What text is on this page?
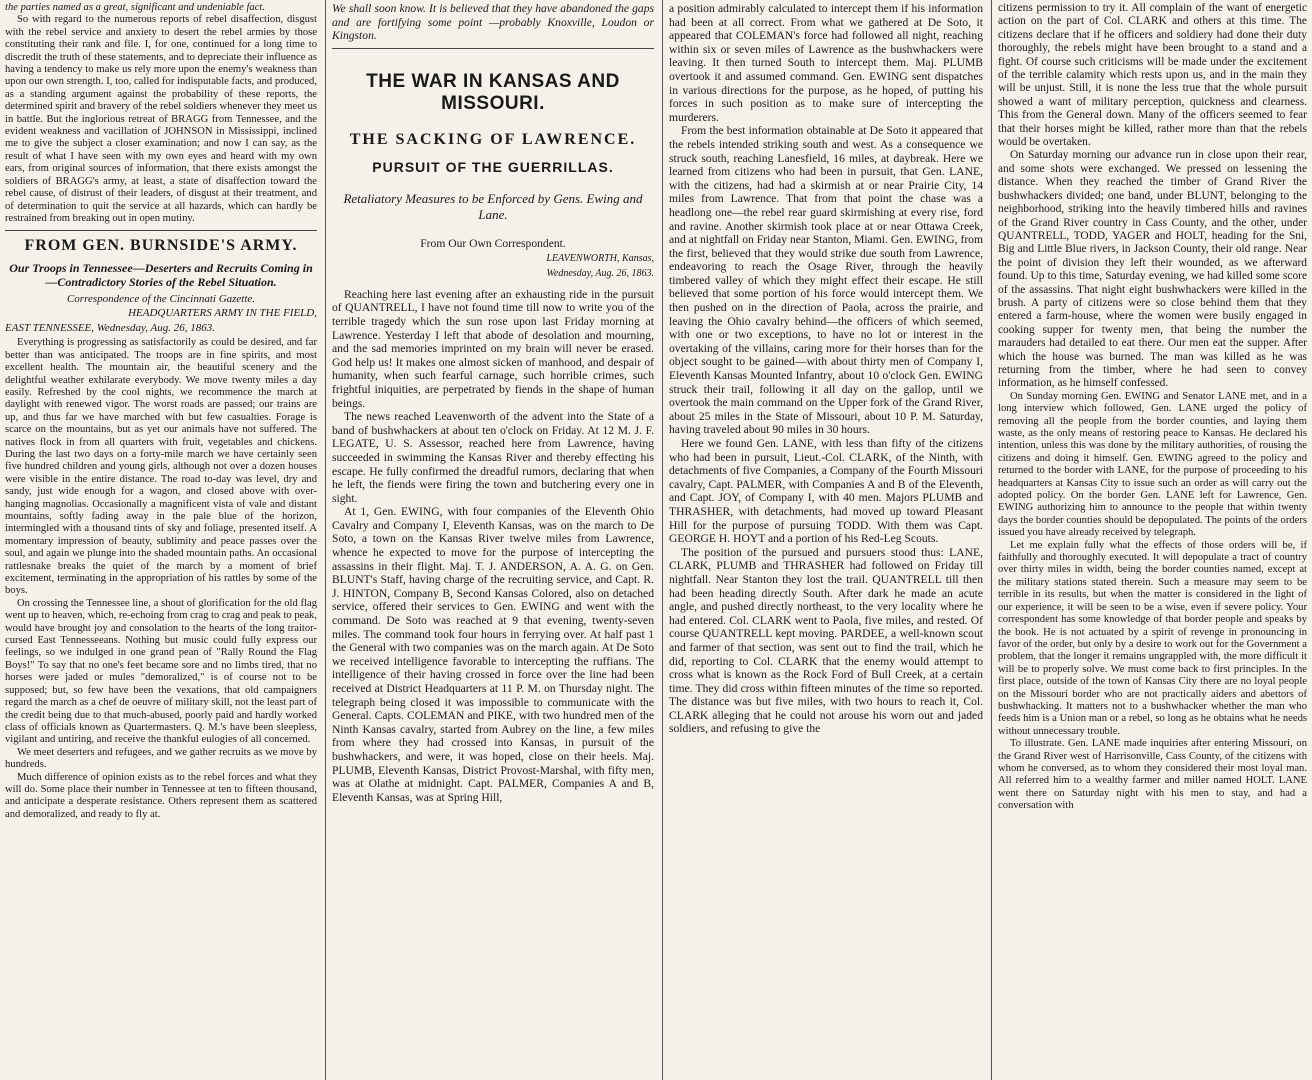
the parties named as a great, significant and undeniable fact.

So with regard to the numerous reports of rebel disaffection, disgust with the rebel service and anxiety to desert the rebel armies by those constituting their rank and file. I, for one, continued for a long time to discredit the truth of these statements, and to depreciate their influence as having a tendency to make us rely more upon the enemy's weakness than upon our own strength. I, too, called for indisputable facts, and produced, as a standing argument against the probability of these reports, the determined spirit and bravery of the rebel soldiers whenever they meet us in battle. But the inglorious retreat of BRAGG from Tennessee, and the evident weakness and vacillation of JOHNSON in Mississippi, inclined me to give the subject a closer examination; and now I can say, as the result of what I have seen with my own eyes and heard with my own ears, from original sources of information, that there exists amongst the soldiers of BRAGG's army, at least, a state of disaffection toward the rebel cause, of distrust of their leaders, of disgust at their treatment, and of determination to quit the service at all hazards, which can hardly be restrained from breaking out in open mutiny.

FROM GEN. BURNSIDE'S ARMY.
Our Troops in Tennessee—Deserters and Recruits Coming in—Contradictory Stories of the Rebel Situation.
Correspondence of the Cincinnati Gazette.
HEADQUARTERS ARMY IN THE FIELD,
EAST TENNESSEE, Wednesday, Aug. 26, 1863.

Everything is progressing as satisfactorily as could be desired, and far better than was anticipated. The troops are in fine spirits, and most excellent health. The mountain air, the beautiful scenery and the delightful weather exhilarate everybody. We move twenty miles a day easily. Refreshed by the cool nights, we recommence the march at daylight with renewed vigor. The worst roads are passed; our trains are up, and thus far we have marched with but few casualties. Forage is scarce on the mountains, but as yet our animals have not suffered. The natives flock in from all quarters with fruit, vegetables and chickens. During the last two days on a forty-mile march we have certainly seen five hundred children and young girls, although not over a dozen houses were visible in the entire distance. The road to-day was level, dry and sandy, just wide enough for a wagon, and closed above with over-hanging magnolias. Occasionally a magnificent vista of vale and distant mountains, softly fading away in the pale blue of the horizon, intermingled with a thousand tints of sky and foliage, presented itself. A momentary impression of beauty, sublimity and peace passes over the soul, and again we plunge into the shaded mountain paths. An occasional rattlesnake breaks the quiet of the march by a moment of brief excitement, terminating in the appropriation of his rattles by some of the boys.

On crossing the Tennessee line, a shout of glorification for the old flag went up to heaven, which, re-echoing from crag to crag and peak to peak, would have brought joy and consolation to the hearts of the long traitor-cursed East Tennesseeans. Nothing but music could fully express our feelings, so we indulged in one grand pean of "Rally Round the Flag Boys!" To say that no one's feet became sore and no limbs tired, that no horses were jaded or mules "demoralized," is of course not to be supposed; but, so few have been the vexations, that old campaigners regard the march as a chef de oeuvre of military skill, not the least part of the credit being due to that much-abused, poorly paid and hardly worked class of officials known as Quartermasters. Q. M.'s have been sleepless, vigilant and untiring, and receive the thankful eulogies of all concerned.

We meet deserters and refugees, and we gather recruits as we move by hundreds.

Much difference of opinion exists as to the rebel forces and what they will do. Some place their number in Tennessee at ten to fifteen thousand, and anticipate a desperate resistance. Others represent them as scattered and demoralized, and ready to fly at.

We shall soon know. It is believed that they have abandoned the gaps and are fortifying some point —probably Knoxville, Loudon or Kingston.

THE WAR IN KANSAS AND MISSOURI.
THE SACKING OF LAWRENCE.
PURSUIT OF THE GUERRILLAS.
Retaliatory Measures to be Enforced by Gens. Ewing and Lane.
From Our Own Correspondent.
LEAVENWORTH, Kansas,
Wednesday, Aug. 26, 1863.

Reaching here last evening after an exhausting ride in the pursuit of QUANTRELL, I have not found time till now to write you of the terrible tragedy which the sun rose upon last Friday morning at Lawrence. Yesterday I left that abode of desolation and mourning, and the sad memories imprinted on my brain will never be erased. God help us! It makes one almost sicken of manhood, and despair of humanity, when such fearful carnage, such horrible crimes, such frightful iniquities, are perpetrated by fiends in the shape of human beings.

The news reached Leavenworth of the advent into the State of a band of bushwhackers at about ten o'clock on Friday. At 12 M. J. F. LEGATE, U. S. Assessor, reached here from Lawrence, having succeeded in swimming the Kansas River and thereby effecting his escape. He fully confirmed the dreadful rumors, declaring that when he left, the fiends were firing the town and butchering every one in sight.

At 1, Gen. EWING, with four companies of the Eleventh Ohio Cavalry and Company I, Eleventh Kansas, was on the march to De Soto, a town on the Kansas River twelve miles from Lawrence, whence he expected to move for the purpose of intercepting the assassins in their flight. Maj. T. J. ANDERSON, A. A. G. on Gen. BLUNT's Staff, having charge of the recruiting service, and Capt. R. J. HINTON, Company B, Second Kansas Colored, also on detached service, offered their services to Gen. EWING and went with the command. De Soto was reached at 9 that evening, twenty-seven miles. The command took four hours in ferrying over. At half past 1 the General with two companies was on the march again. At De Soto we received intelligence favorable to intercepting the ruffians. The intelligence of their having crossed in force over the line had been received at District Headquarters at 11 P. M. on Thursday night. The telegraph being closed it was impossible to communicate with the General. Capts. COLEMAN and PIKE, with two hundred men of the Ninth Kansas cavalry, started from Aubrey on the line, a few miles from where they had crossed into Kansas, in pursuit of the bushwhackers, and were, it was hoped, close on their heels. Maj. PLUMB, Eleventh Kansas, District Provost-Marshal, with fifty men, was at Olathe at midnight. Capt. PALMER, Companies A and B, Eleventh Kansas, was at Spring Hill,

a position admirably calculated to intercept them if his information had been at all correct. From what we gathered at De Soto, it appeared that COLEMAN's force had followed all night, reaching within six or seven miles of Lawrence as the bushwhackers were leaving. It then turned South to intercept them. Maj. PLUMB overtook it and assumed command. Gen. EWING sent dispatches in various directions for the purpose, as he hoped, of putting his forces in such position as to make sure of intercepting the murderers.

From the best information obtainable at De Soto it appeared that the rebels intended striking south and west. As a consequence we struck south, reaching Lanesfield, 16 miles, at daybreak. Here we learned from citizens who had been in pursuit, that Gen. LANE, with the citizens, had had a skirmish at or near Prairie City, 14 miles from Lawrence. That from that point the chase was a headlong one—the rebel rear guard skirmishing at every rise, ford and ravine. Another skirmish took place at or near Ottawa Creek, and at nightfall on Friday near Stanton, Miami. Gen. EWING, from the first, believed that they would strike due south from Lawrence, endeavoring to reach the Osage River, through the heavily timbered valley of which they might effect their escape. He still believed that some portion of his force would intercept them. We then pushed on in the direction of Paola, across the prairie, and leaving the Ohio cavalry behind—the officers of which seemed, with one or two exceptions, to have no lot or interest in the overtaking of the villains, caring more for their horses than for the object sought to be gained—with about thirty men of Company I, Eleventh Kansas Mounted Infantry, about 10 o'clock Gen. EWING struck their trail, following it all day on the gallop, until we overtook the main command on the Upper fork of the Grand River, about 25 miles in the State of Missouri, about 10 P. M. Saturday, having traveled about 90 miles in 30 hours.

Here we found Gen. LANE, with less than fifty of the citizens who had been in pursuit, Lieut.-Col. CLARK, of the Ninth, with detachments of five Companies, a Company of the Fourth Missouri cavalry, Capt. PALMER, with Companies A and B of the Eleventh, and Capt. JOY, of Company I, with 40 men. Majors PLUMB and THRASHER, with detachments, had moved up toward Pleasant Hill for the purpose of pursuing TODD. With them was Capt. GEORGE H. HOYT and a portion of his Red-Leg Scouts.

The position of the pursued and pursuers stood thus: LANE, CLARK, PLUMB and THRASHER had followed on Friday till nightfall. Near Stanton they lost the trail. QUANTRELL till then had been heading directly South. After dark he made an acute angle, and pushed directly northeast, to the very locality where he had entered. Col. CLARK went to Paola, five miles, and rested. Of course QUANTRELL kept moving. PARDEE, a well-known scout and farmer of that section, was sent out to find the trail, which he did, reporting to Col. CLARK that the enemy would attempt to cross what is known as the Rock Ford of Bull Creek, at a certain time. They did cross within fifteen minutes of the time so reported. The distance was but five miles, with two hours to reach it, Col. CLARK alleging that he could not arouse his worn out and jaded soldiers, and refusing to give the

citizens permission to try it. All complain of the want of energetic action on the part of Col. CLARK and others at this time. The citizens declare that if he officers and soldiery had done their duty thoroughly, the rebels might have been brought to a stand and a fight. Of course such criticisms will be made under the excitement of the terrible calamity which rests upon us, and in the main they will be unjust. Still, it is none the less true that the whole pursuit showed a want of military perception, quickness and clearness. This from the General down. Many of the officers seemed to fear that their horses might be killed, rather more than that the rebels would be overtaken.

On Saturday morning our advance run in close upon their rear, and some shots were exchanged. We pressed on lessening the distance. When they reached the timber of Grand River the bushwhackers divided; one band, under BLUNT, belonging to the neighborhood, striking into the heavily timbered hills and ravines of the Grand River country in Cass County, and the other, under QUANTRELL, TODD, YAGER and HOLT, heading for the Sni, Big and Little Blue rivers, in Jackson County, their old range. Near the point of division they left their wounded, as we afterward found. Up to this time, Saturday evening, we had killed some score of the assassins. That night eight bushwhackers were killed in the brush. A party of citizens were so close behind them that they entered a farm-house, where the women were busily engaged in cooking supper for twenty men, that being the number the marauders had detailed to eat there. Our men eat the supper. After which the house was burned. The man was killed as he was returning from the timber, where he had seen to convey information, as he himself confessed.

On Sunday morning Gen. EWING and Senator LANE met, and in a long interview which followed, Gen. LANE urged the policy of removing all the people from the border counties, and laying them waste, as the only means of restoring peace to Kansas. He declared his intention, unless this was done by the military authorities, of rousing the citizens and doing it himself. Gen. EWING agreed to the policy and returned to the border with LANE, for the purpose of proceeding to his headquarters at Kansas City to issue such an order as will carry out the adopted policy. On the border Gen. LANE left for Lawrence, Gen. EWING authorizing him to announce to the people that within twenty days the border counties should be depopulated. The points of the orders issued you have already received by telegraph.

Let me explain fully what the effects of those orders will be, if faithfully and thoroughly executed. It will depopulate a tract of country over thirty miles in width, being the border counties named, except at the military stations stated therein. Such a measure may seem to be terrible in its results, but when the matter is considered in the light of our experience, it will be seen to be a wise, even if severe policy. Your correspondent has some knowledge of that border people and speaks by the book. He is not actuated by a spirit of revenge in pronouncing in favor of the order, but only by a desire to work out for the Government a problem, that the longer it remains ungrappled with, the more difficult it will be to properly solve. We must come back to first principles. In the first place, outside of the town of Kansas City there are no loyal people on the Missouri border who are not practically aiders and abettors of bushwhacking. It matters not to a bushwhacker whether the man who feeds him is a Union man or a rebel, so long as he obtains what he needs without unnecessary trouble.

To illustrate. Gen. LANE made inquiries after entering Missouri, on the Grand River west of Harrisonville, Cass County, of the citizens with whom he conversed, as to whom they considered their most loyal man. All referred him to a wealthy farmer and miller named HOLT. LANE went there on Saturday night with his men to stay, and had a conversation with
